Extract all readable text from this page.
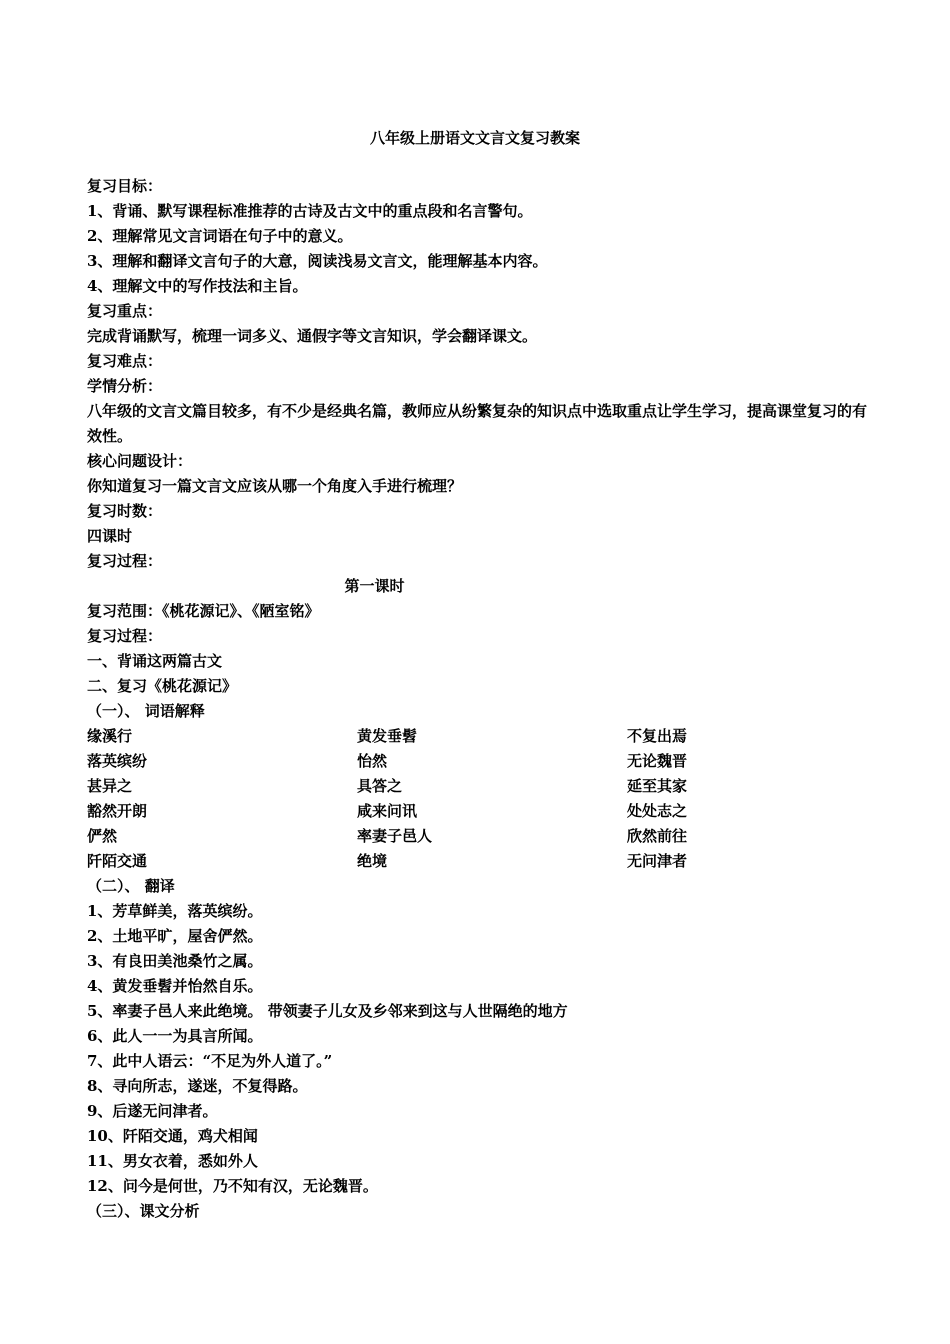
八年级上册语文文言文复习教案
复习目标：
1、背诵、默写课程标准推荐的古诗及古文中的重点段和名言警句。
2、理解常见文言词语在句子中的意义。
3、理解和翻译文言句子的大意，阅读浅易文言文，能理解基本内容。
4、理解文中的写作技法和主旨。
复习重点：
完成背诵默写，梳理一词多义、通假字等文言知识，学会翻译课文。
复习难点：
学情分析：
八年级的文言文篇目较多，有不少是经典名篇，教师应从纷繁复杂的知识点中选取重点让学生学习，提高课堂复习的有效性。
核心问题设计：
你知道复习一篇文言文应该从哪一个角度入手进行梳理？
复习时数：
四课时
复习过程：
第一课时
复习范围：《桃花源记》、《陋室铭》
复习过程：
一、背诵这两篇古文
二、复习《桃花源记》
（一）、 词语解释
缘溪行	黄发垂髫	不复出焉
落英缤纷	怡然	无论魏晋
甚异之	具答之	延至其家
豁然开朗	咸来问讯	处处志之
俨然	率妻子邑人	欣然前往
阡陌交通	绝境	无问津者
（二）、 翻译
1、芳草鲜美，落英缤纷。
2、土地平旷，屋舍俨然。
3、有良田美池桑竹之属。
4、黄发垂髫并怡然自乐。
5、率妻子邑人来此绝境。 带领妻子儿女及乡邻来到这与人世隔绝的地方
6、此人一一为具言所闻。
7、此中人语云：“不足为外人道了。”
8、寻向所志，遂迷，不复得路。
9、后遂无问津者。
10、阡陌交通，鸡犬相闻
11、男女衣着，悉如外人
12、问今是何世，乃不知有汉，无论魏晋。
（三）、课文分析
